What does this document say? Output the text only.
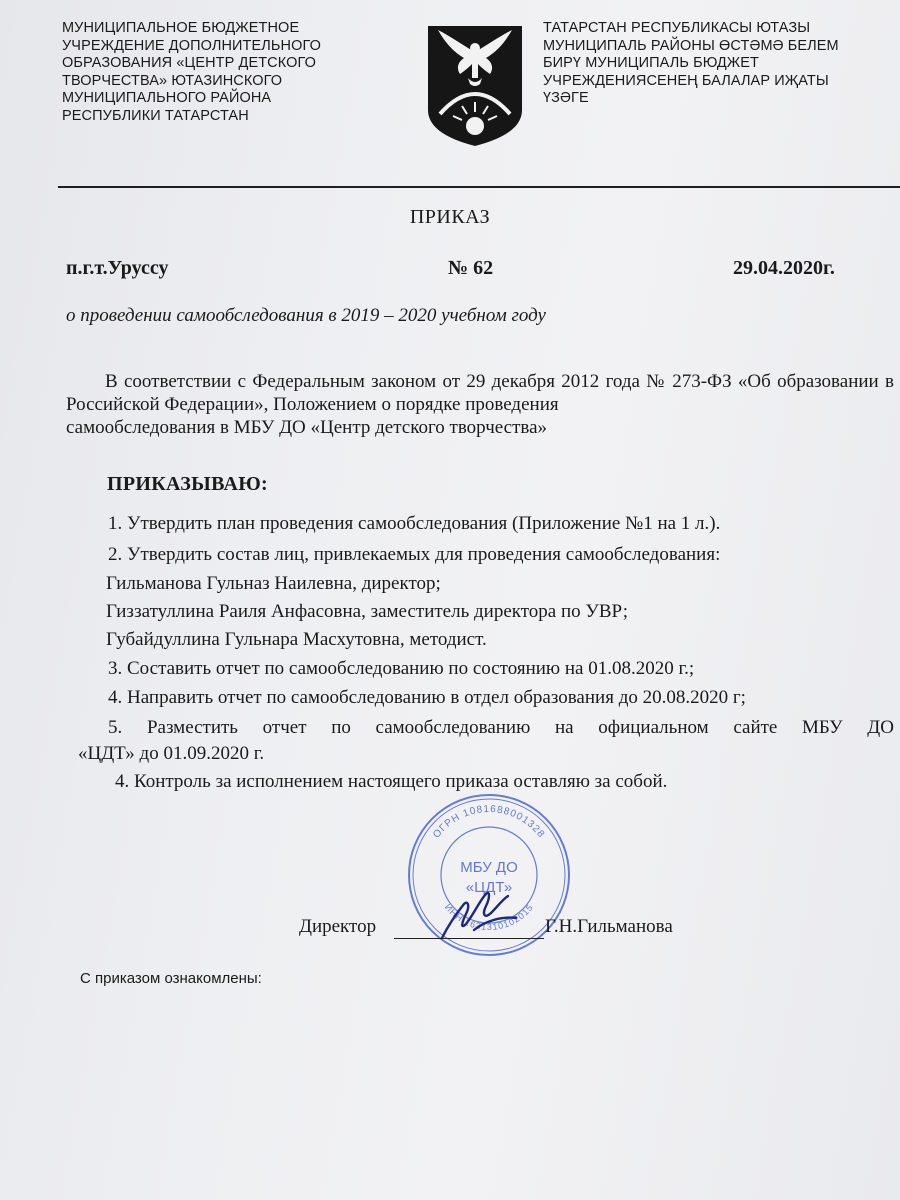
МУНИЦИПАЛЬНОЕ БЮДЖЕТНОЕ
УЧРЕЖДЕНИЕ ДОПОЛНИТЕЛЬНОГО
ОБРАЗОВАНИЯ «ЦЕНТР ДЕТСКОГО
ТВОРЧЕСТВА» ЮТАЗИНСКОГО
МУНИЦИПАЛЬНОГО РАЙОНА
РЕСПУБЛИКИ ТАТАРСТАН
ТАТАРСТАН РЕСПУБЛИКАСЫ ЮТАЗЫ
МУНИЦИПАЛЬ РАЙОНЫ ӨСТӘМӘ БЕЛЕМ
БИРҮ МУНИЦИПАЛЬ БЮДЖЕТ
УЧРЕЖДЕНИЯСЕНЕҢ БАЛАЛАР ИҖАТЫ
ҮЗӘГЕ
ПРИКАЗ
п.г.т.Уруссу	№ 62	29.04.2020г.
о проведении самообследования в 2019 – 2020 учебном году

В соответствии с Федеральным законом от 29 декабря 2012 года № 273-ФЗ «Об образовании в Российской Федерации», Положением о порядке проведения

самообследования в МБУ ДО «Центр детского творчества»

ПРИКАЗЫВАЮ:
1. Утвердить план проведения самообследования (Приложение №1 на 1 л.).
2. Утвердить состав лиц, привлекаемых для проведения самообследования:
Гильманова Гульназ Наилевна, директор;
Гиззатуллина Раиля Анфасовна, заместитель директора по УВР;
Губайдуллина Гульнара Масхутовна, методист.
3. Составить отчет по самообследованию по состоянию на 01.08.2020 г.;
4. Направить отчет по самообследованию в отдел образования до 20.08.2020 г;
5. Разместить отчет по самообследованию на официальном сайте МБУ ДО
«ЦДТ» до 01.09.2020 г.
4. Контроль за исполнением настоящего приказа оставляю за собой.
ОГРН 1081688001328
ИНН 1631310102015
МБУ ДО
«ЦДТ»
Директор	Г.Н.Гильманова
С приказом ознакомлены:
